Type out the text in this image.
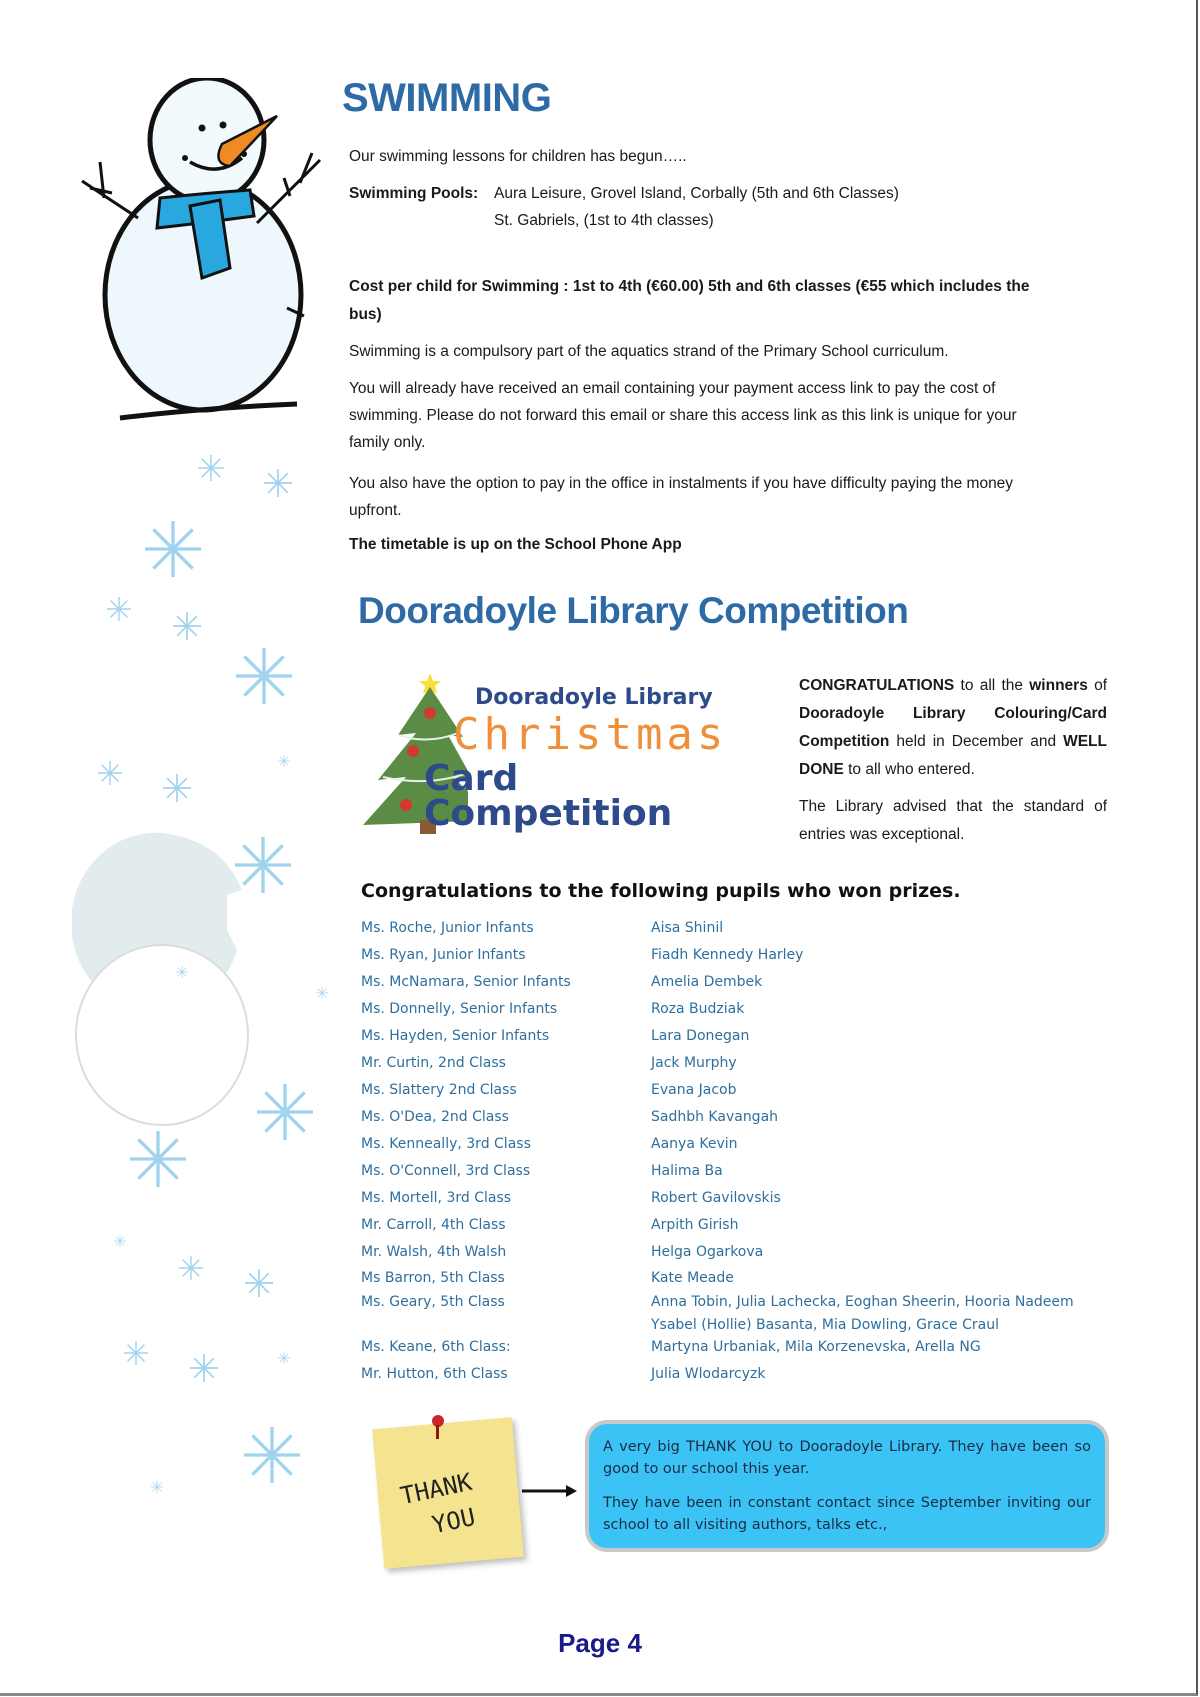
SWIMMING
Our swimming lessons for children has begun…..
Swimming Pools: Aura Leisure, Grovel Island, Corbally (5th and 6th Classes)
St. Gabriels, (1st to 4th classes)
Cost per child for Swimming : 1st to 4th (€60.00) 5th and 6th classes (€55 which includes the
bus)
Swimming is a compulsory part of the aquatics strand of the Primary School curriculum.
You will already have received an email containing your payment access link to pay the cost of
swimming. Please do not forward this email or share this access link as this link is unique for your
family only.
You also have the option to pay in the office in instalments if you have difficulty paying the money
upfront.
The timetable is up on the School Phone App
Dooradoyle Library Competition
Dooradoyle Library
Christmas
Card
Competition
CONGRATULATIONS to all the winners of Dooradoyle Library Colouring/Card Competition held in December and WELL DONE to all who entered.
The Library advised that the standard of entries was exceptional.
Congratulations to the following pupils who won prizes.
Ms. Roche, Junior Infants	Aisa Shinil
Ms. Ryan, Junior Infants	Fiadh Kennedy Harley
Ms. McNamara, Senior Infants	Amelia Dembek
Ms. Donnelly, Senior Infants	Roza Budziak
Ms. Hayden, Senior Infants	Lara Donegan
Mr. Curtin, 2nd Class	Jack Murphy
Ms. Slattery 2nd Class	Evana Jacob
Ms. O'Dea, 2nd Class	Sadhbh Kavangah
Ms. Kenneally, 3rd Class	Aanya Kevin
Ms. O'Connell, 3rd Class	Halima Ba
Ms. Mortell, 3rd Class	Robert Gavilovskis
Mr. Carroll, 4th Class	Arpith Girish
Mr. Walsh, 4th Walsh	Helga Ogarkova
Ms Barron, 5th Class	Kate Meade
Ms. Geary, 5th Class	Anna Tobin, Julia Lachecka, Eoghan Sheerin, Hooria Nadeem
Ysabel (Hollie) Basanta, Mia Dowling, Grace Craul
Ms. Keane, 6th Class:	Martyna Urbaniak, Mila Korzenevska, Arella NG
Mr. Hutton, 6th Class	Julia Wlodarcyzk
THANK
YOU

A very big THANK YOU to Dooradoyle Library. They have been so good to our school this year.

They have been in constant contact since September inviting our school to all visiting authors, talks etc.,

Page 4
